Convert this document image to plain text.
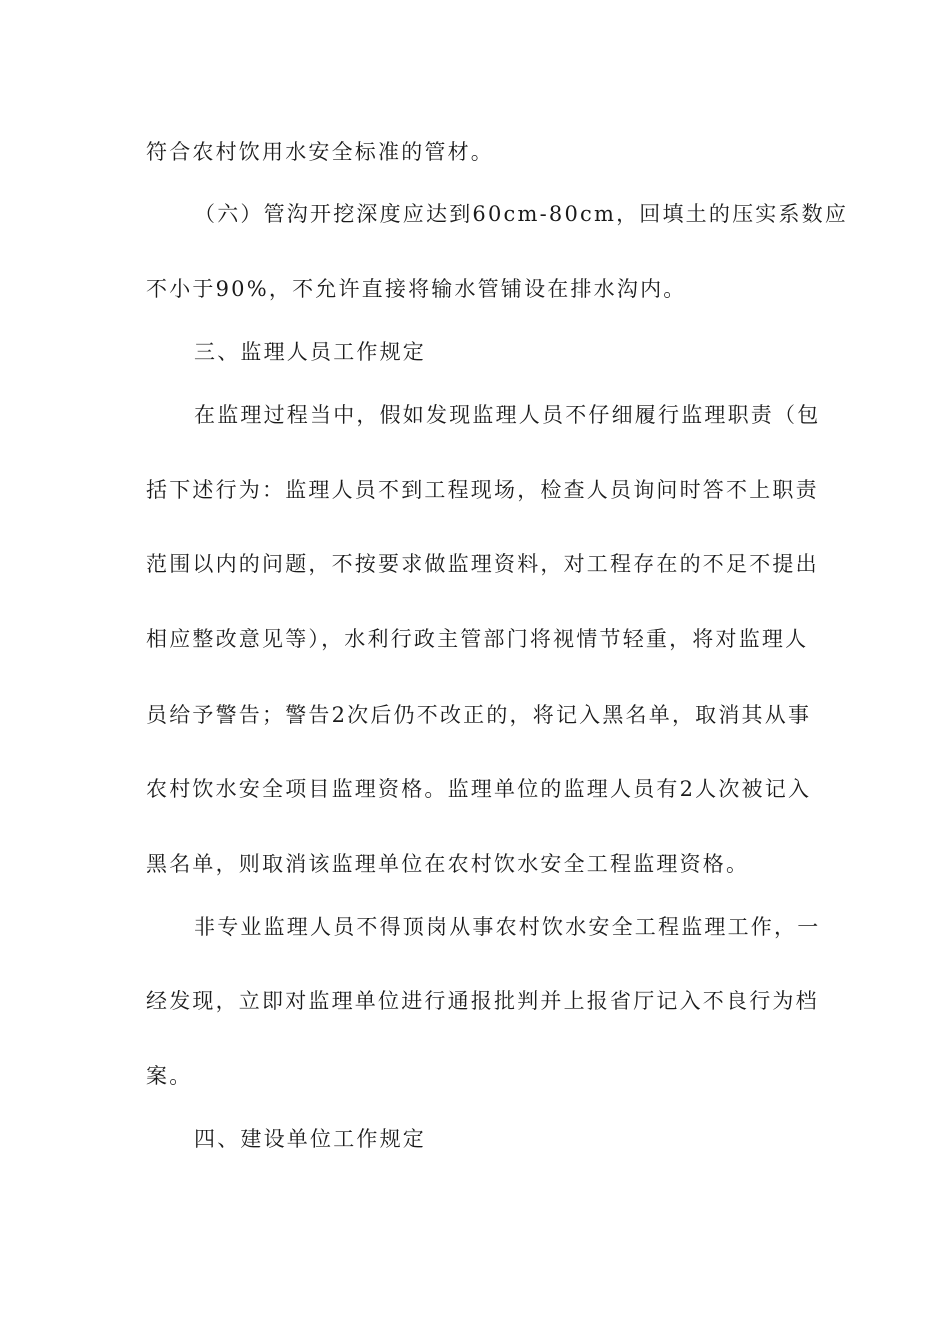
符合农村饮用水安全标准的管材。
（六）管沟开挖深度应达到60cm-80cm，回填土的压实系数应
不小于90%，不允许直接将输水管铺设在排水沟内。
三、监理人员工作规定
在监理过程当中，假如发现监理人员不仔细履行监理职责（包
括下述行为：监理人员不到工程现场，检查人员询问时答不上职责
范围以内的问题，不按要求做监理资料，对工程存在的不足不提出
相应整改意见等），水利行政主管部门将视情节轻重，将对监理人
员给予警告；警告2次后仍不改正的，将记入黑名单，取消其从事
农村饮水安全项目监理资格。监理单位的监理人员有2人次被记入
黑名单，则取消该监理单位在农村饮水安全工程监理资格。
非专业监理人员不得顶岗从事农村饮水安全工程监理工作，一
经发现，立即对监理单位进行通报批判并上报省厅记入不良行为档
案。
四、建设单位工作规定
